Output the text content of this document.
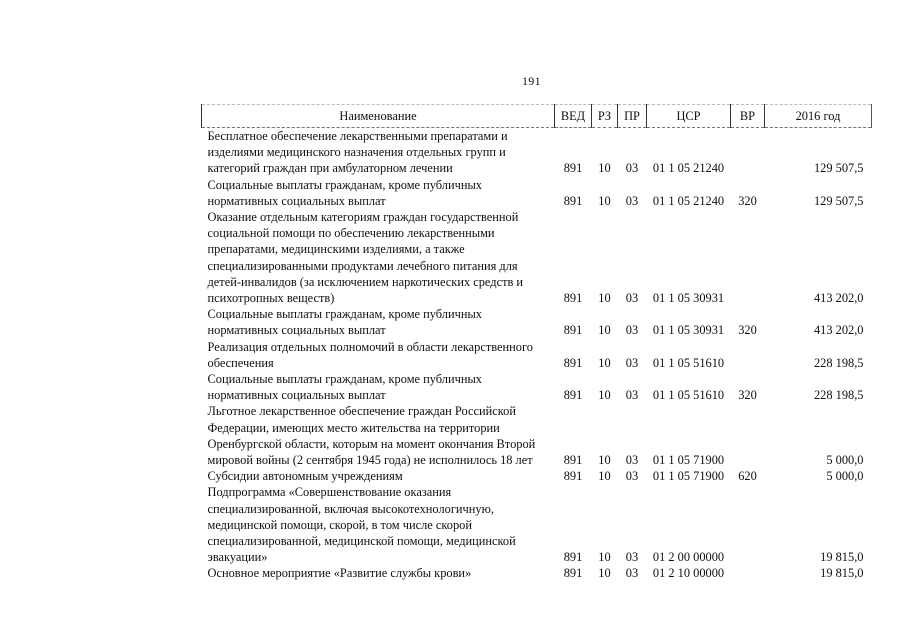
191
Наименование	ВЕД	РЗ	ПР	ЦСР	ВР	2016 год
Бесплатное обеспечение лекарственными препаратами и изделиями медицинского назначения отдельных групп и категорий граждан при амбулаторном лечении	891	10	03	01 1 05 21240		129 507,5
Социальные выплаты гражданам, кроме публичных нормативных социальных выплат	891	10	03	01 1 05 21240	320	129 507,5
Оказание отдельным категориям граждан государственной социальной помощи по обеспечению лекарственными препаратами, медицинскими изделиями, а также специализированными продуктами лечебного питания для детей-инвалидов (за исключением наркотических средств и психотропных веществ)	891	10	03	01 1 05 30931		413 202,0
Социальные выплаты гражданам, кроме публичных нормативных социальных выплат	891	10	03	01 1 05 30931	320	413 202,0
Реализация отдельных полномочий в области лекарственного обеспечения	891	10	03	01 1 05 51610		228 198,5
Социальные выплаты гражданам, кроме публичных нормативных социальных выплат	891	10	03	01 1 05 51610	320	228 198,5
Льготное лекарственное обеспечение граждан Российской Федерации, имеющих место жительства на территории Оренбургской области, которым на момент окончания Второй мировой войны (2 сентября 1945 года) не исполнилось 18 лет	891	10	03	01 1 05 71900		5 000,0
Субсидии автономным учреждениям	891	10	03	01 1 05 71900	620	5 000,0
Подпрограмма «Совершенствование оказания специализированной, включая высокотехнологичную, медицинской помощи, скорой, в том числе скорой специализированной, медицинской помощи, медицинской эвакуации»	891	10	03	01 2 00 00000		19 815,0
Основное мероприятие «Развитие службы крови»	891	10	03	01 2 10 00000		19 815,0
